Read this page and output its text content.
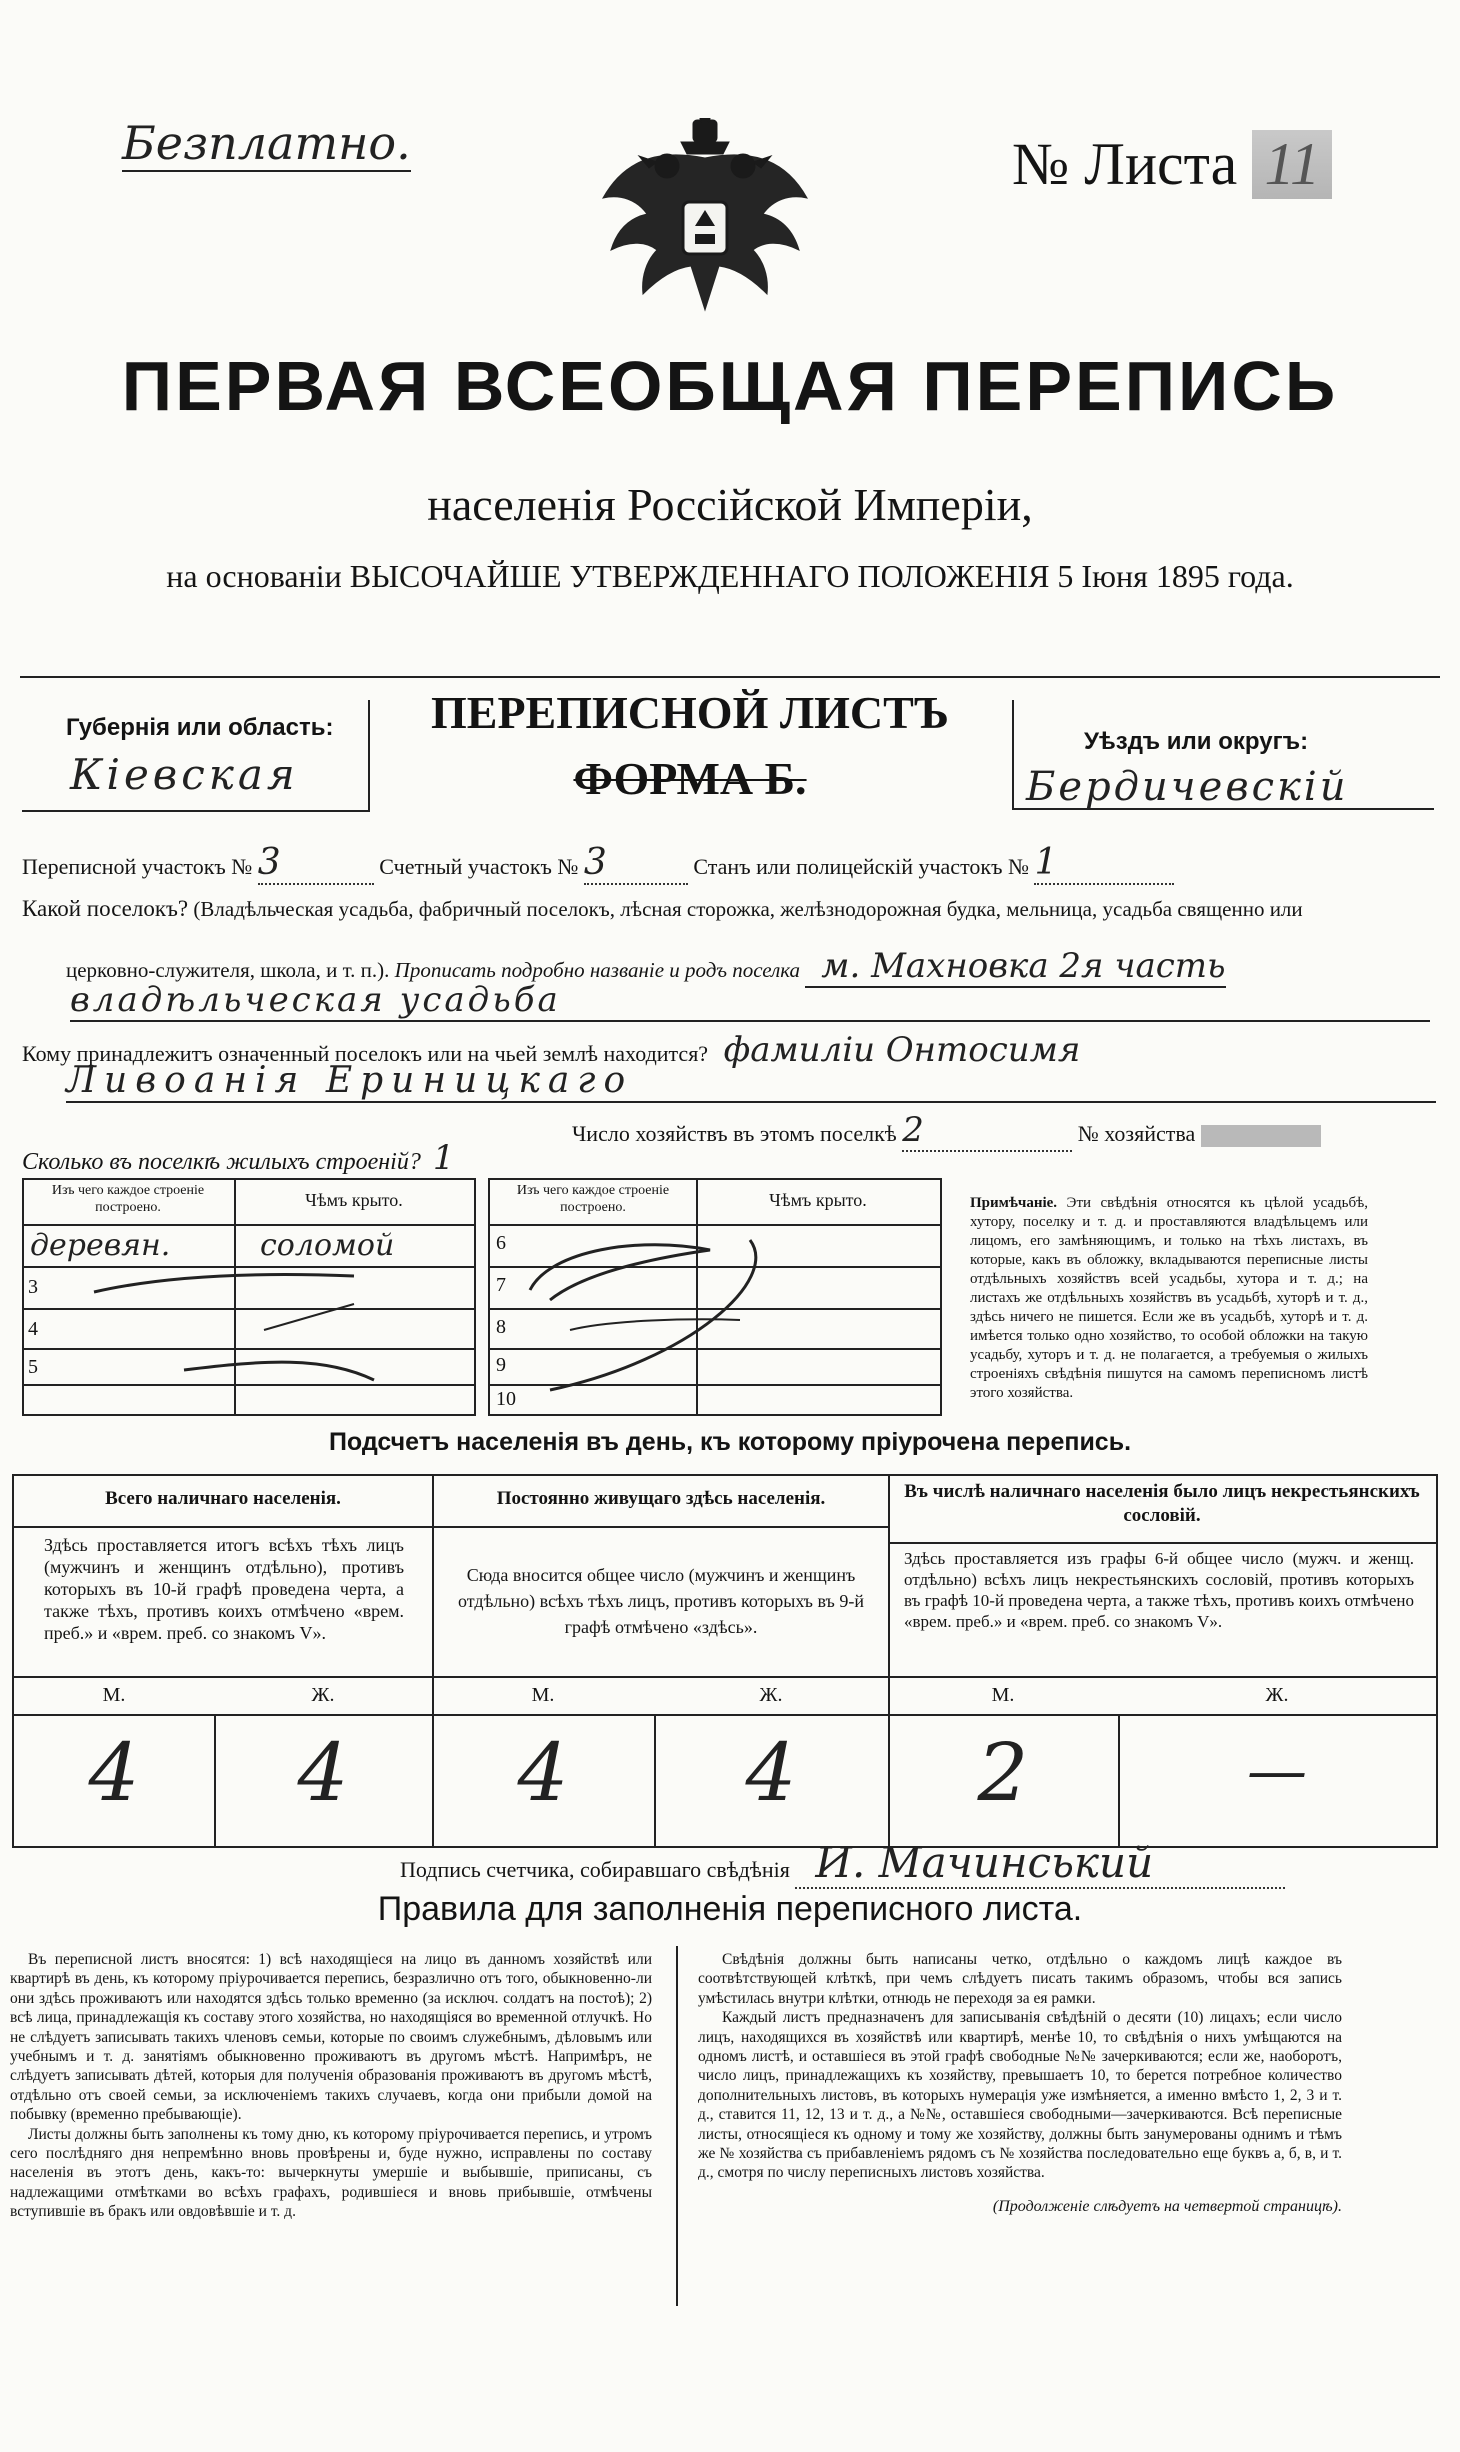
Безплатно.	№ Листа 11
ПЕРВАЯ ВСЕОБЩАЯ ПЕРЕПИСЬ
населенія Россійской Имперіи,
на основаніи ВЫСОЧАЙШЕ УТВЕРЖДЕННАГО ПОЛОЖЕНІЯ 5 Іюня 1895 года.
Губернія или область:
Кіевская
ПЕРЕПИСНОЙ ЛИСТЪ
ФОРМА Б.
Уѣздъ или округъ:
Бердичевскій
Переписной участокъ № 3	Счетный участокъ № 3	Станъ или полицейскій участокъ № 1
Какой поселокъ? (Владѣльческая усадьба, фабричный поселокъ, лѣсная сторожка, желѣзнодорожная будка, мельница, усадьба священно или
церковно-служителя, школа, и т. п.). Прописать подробно названіе и родъ поселка м. Махновка 2я часть
владѣльческая усадьба
Кому принадлежитъ означенный поселокъ или на чьей землѣ находится? фамиліи Онтосимя
Ливоанія Ериницкаго
Число хозяйствъ въ этомъ поселкѣ 2	№ хозяйства
Сколько въ поселкѣ жилыхъ строеній? 1
Изъ чего каждое строеніе построено.	Чѣмъ крыто.
деревян.	соломой
3
4
5
Изъ чего каждое строеніе построено.	Чѣмъ крыто.
6
7
8
9
10
Примѣчаніе. Эти свѣдѣнія относятся къ цѣлой усадьбѣ, хутору, поселку и т. д. и проставляются владѣльцемъ или лицомъ, его замѣняющимъ, и только на тѣхъ листахъ, въ которые, какъ въ обложку, вкладываются переписные листы отдѣльныхъ хозяйствъ всей усадьбы, хутора и т. д.; на листахъ же отдѣльныхъ хозяйствъ въ усадьбѣ, хуторѣ и т. д., здѣсь ничего не пишется. Если же въ усадьбѣ, хуторѣ и т. д. имѣется только одно хозяйство, то особой обложки на такую усадьбу, хуторъ и т. д. не полагается, а требуемыя о жилыхъ строеніяхъ свѣдѣнія пишутся на самомъ переписномъ листѣ этого хозяйства.
Подсчетъ населенія въ день, къ которому пріурочена перепись.
Всего наличнаго населенія.
Здѣсь проставляется итогъ всѣхъ тѣхъ лицъ (мужчинъ и женщинъ отдѣльно), противъ которыхъ въ 10-й графѣ проведена черта, а также тѣхъ, противъ коихъ отмѣчено «врем. преб.» и «врем. преб. со знакомъ V».
Постоянно живущаго здѣсь населенія.
Сюда вносится общее число (мужчинъ и женщинъ отдѣльно) всѣхъ тѣхъ лицъ, противъ которыхъ въ 9-й графѣ отмѣчено «здѣсь».
Въ числѣ наличнаго населенія было лицъ некрестьянскихъ сословій.
Здѣсь проставляется изъ графы 6-й общее число (мужч. и женщ. отдѣльно) всѣхъ лицъ некрестьянскихъ сословій, противъ которыхъ въ графѣ 10-й проведена черта, а также тѣхъ, противъ коихъ отмѣчено «врем. преб.» и «врем. преб. со знакомъ V».
М.	Ж.	М.	Ж.	М.	Ж.
4	4	4	4	2	—
Подпись счетчика, собиравшаго свѣдѣнія И. Мачинський
Правила для заполненія переписного листа.
Въ переписной листъ вносятся: 1) всѣ находящіеся на лицо въ данномъ хозяйствѣ или квартирѣ въ день, къ которому пріурочивается перепись, безразлично отъ того, обыкновенно-ли они здѣсь проживаютъ или находятся здѣсь только временно (за исключ. солдатъ на постоѣ); 2) всѣ лица, принадлежащія къ составу этого хозяйства, но находящіяся во временной отлучкѣ. Но не слѣдуетъ записывать такихъ членовъ семьи, которые по своимъ служебнымъ, дѣловымъ или учебнымъ и т. д. занятіямъ обыкновенно проживаютъ въ другомъ мѣстѣ. Напримѣръ, не слѣдуетъ записывать дѣтей, которыя для полученія образованія проживаютъ въ другомъ мѣстѣ, отдѣльно отъ своей семьи, за исключеніемъ такихъ случаевъ, когда они прибыли домой на побывку (временно пребывающіе).
Листы должны быть заполнены къ тому дню, къ которому пріурочивается перепись, и утромъ сего послѣдняго дня непремѣнно вновь провѣрены и, буде нужно, исправлены по составу населенія въ этотъ день, какъ-то: вычеркнуты умершіе и выбывшіе, приписаны, съ надлежащими отмѣтками во всѣхъ графахъ, родившіеся и вновь прибывшіе, отмѣчены вступившіе въ бракъ или овдовѣвшіе и т. д.
Свѣдѣнія должны быть написаны четко, отдѣльно о каждомъ лицѣ каждое въ соотвѣтствующей клѣткѣ, при чемъ слѣдуетъ писать такимъ образомъ, чтобы вся запись умѣстилась внутри клѣтки, отнюдь не переходя за ея рамки.
Каждый листъ предназначенъ для записыванія свѣдѣній о десяти (10) лицахъ; если число лицъ, находящихся въ хозяйствѣ или квартирѣ, менѣе 10, то свѣдѣнія о нихъ умѣщаются на одномъ листѣ, и оставшіеся въ этой графѣ свободные №№ зачеркиваются; если же, наоборотъ, число лицъ, принадлежащихъ къ хозяйству, превышаетъ 10, то берется потребное количество дополнительныхъ листовъ, въ которыхъ нумерація уже измѣняется, а именно вмѣсто 1, 2, 3 и т. д., ставится 11, 12, 13 и т. д., а №№, оставшіеся свободными—зачеркиваются. Всѣ переписные листы, относящіеся къ одному и тому же хозяйству, должны быть занумерованы однимъ и тѣмъ же № хозяйства съ прибавленіемъ рядомъ съ № хозяйства последовательно еще буквъ а, б, в, и т. д., смотря по числу переписныхъ листовъ хозяйства.
(Продолженіе слѣдуетъ на четвертой страницѣ).
